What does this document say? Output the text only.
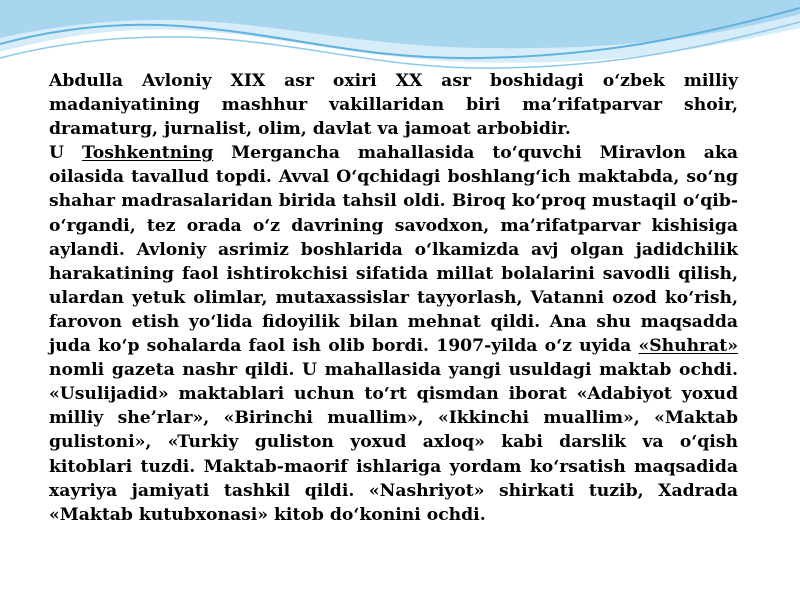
Abdulla Avloniy XIX asr oxiri XX asr boshidagi o‘zbek milliy madaniyatining mashhur vakillaridan biri ma’rifatparvar shoir, dramaturg, jurnalist, olim, davlat va jamoat arbobidir.

U Toshkentning Mergancha mahallasida to‘quvchi Miravlon aka oilasida tavallud topdi. Avval O‘qchidagi boshlang‘ich maktabda, so‘ng shahar madrasalaridan birida tahsil oldi. Biroq ko‘proq mustaqil o‘qib-o‘rgandi, tez orada o‘z davrining savodxon, ma’rifatparvar kishisiga aylandi. Avloniy asrimiz boshlarida o‘lkamizda avj olgan jadidchilik harakatining faol ishtirokchisi sifatida millat bolalarini savodli qilish, ulardan yetuk olimlar, mutaxassislar tayyorlash, Vatanni ozod ko‘rish, farovon etish yo‘lida fidoyilik bilan mehnat qildi. Ana shu maqsadda juda ko‘p sohalarda faol ish olib bordi. 1907-yilda o‘z uyida «Shuhrat» nomli gazeta nashr qildi. U mahallasida yangi usuldagi maktab ochdi. «Usulijadid» maktablari uchun to‘rt qismdan iborat «Adabiyot yoxud milliy she’rlar», «Birinchi muallim», «Ikkinchi muallim», «Maktab gulistoni», «Turkiy guliston yoxud axloq» kabi darslik va o‘qish kitoblari tuzdi. Maktab-maorif ishlariga yordam ko‘rsatish maqsadida xayriya jamiyati tashkil qildi. «Nashriyot» shirkati tuzib, Xadrada «Maktab kutubxonasi» kitob do‘konini ochdi.
